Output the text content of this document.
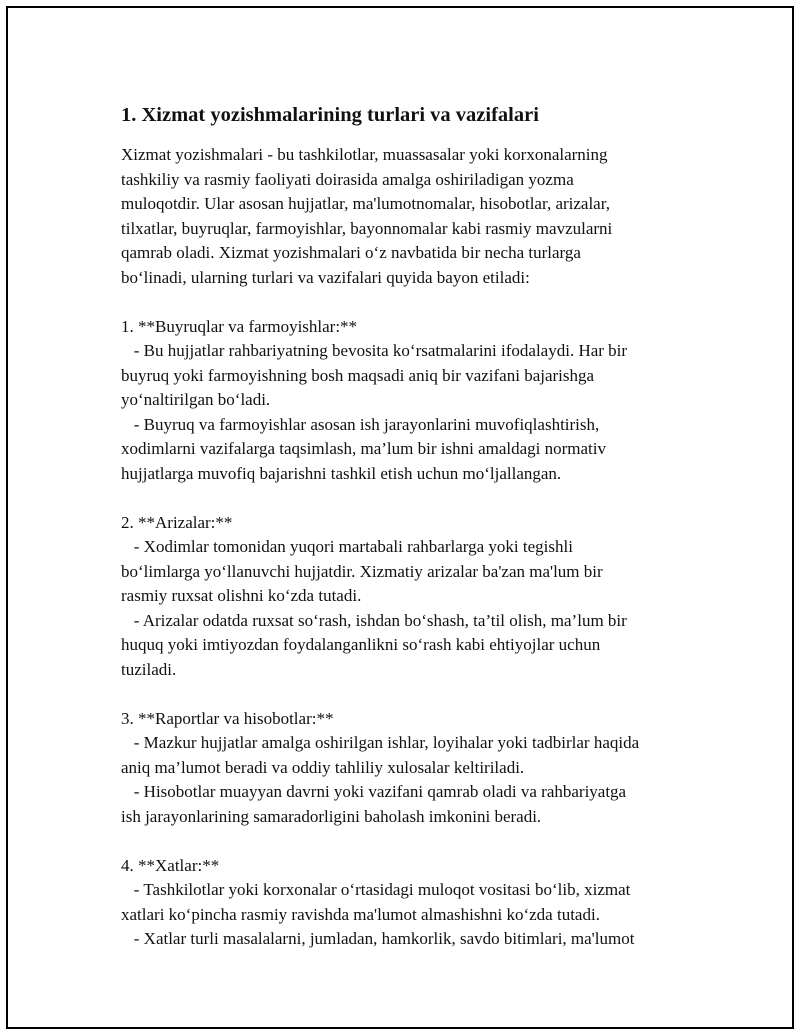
1. Xizmat yozishmalarining turlari va vazifalari
Xizmat yozishmalari - bu tashkilotlar, muassasalar yoki korxonalarning
tashkiliy va rasmiy faoliyati doirasida amalga oshiriladigan yozma
muloqotdir. Ular asosan hujjatlar, ma'lumotnomalar, hisobotlar, arizalar,
tilxatlar, buyruqlar, farmoyishlar, bayonnomalar kabi rasmiy mavzularni
qamrab oladi. Xizmat yozishmalari o‘z navbatida bir necha turlarga
bo‘linadi, ularning turlari va vazifalari quyida bayon etiladi:
1. **Buyruqlar va farmoyishlar:**
- Bu hujjatlar rahbariyatning bevosita ko‘rsatmalarini ifodalaydi. Har bir
buyruq yoki farmoyishning bosh maqsadi aniq bir vazifani bajarishga
yo‘naltirilgan bo‘ladi.
- Buyruq va farmoyishlar asosan ish jarayonlarini muvofiqlashtirish,
xodimlarni vazifalarga taqsimlash, ma’lum bir ishni amaldagi normativ
hujjatlarga muvofiq bajarishni tashkil etish uchun mo‘ljallangan.
2. **Arizalar:**
- Xodimlar tomonidan yuqori martabali rahbarlarga yoki tegishli
bo‘limlarga yo‘llanuvchi hujjatdir. Xizmatiy arizalar ba'zan ma'lum bir
rasmiy ruxsat olishni ko‘zda tutadi.
- Arizalar odatda ruxsat so‘rash, ishdan bo‘shash, ta’til olish, ma’lum bir
huquq yoki imtiyozdan foydalanganlikni so‘rash kabi ehtiyojlar uchun
tuziladi.
3. **Raportlar va hisobotlar:**
- Mazkur hujjatlar amalga oshirilgan ishlar, loyihalar yoki tadbirlar haqida
aniq ma’lumot beradi va oddiy tahliliy xulosalar keltiriladi.
- Hisobotlar muayyan davrni yoki vazifani qamrab oladi va rahbariyatga
ish jarayonlarining samaradorligini baholash imkonini beradi.
4. **Xatlar:**
- Tashkilotlar yoki korxonalar o‘rtasidagi muloqot vositasi bo‘lib, xizmat
xatlari ko‘pincha rasmiy ravishda ma'lumot almashishni ko‘zda tutadi.
- Xatlar turli masalalarni, jumladan, hamkorlik, savdo bitimlari, ma'lumot
